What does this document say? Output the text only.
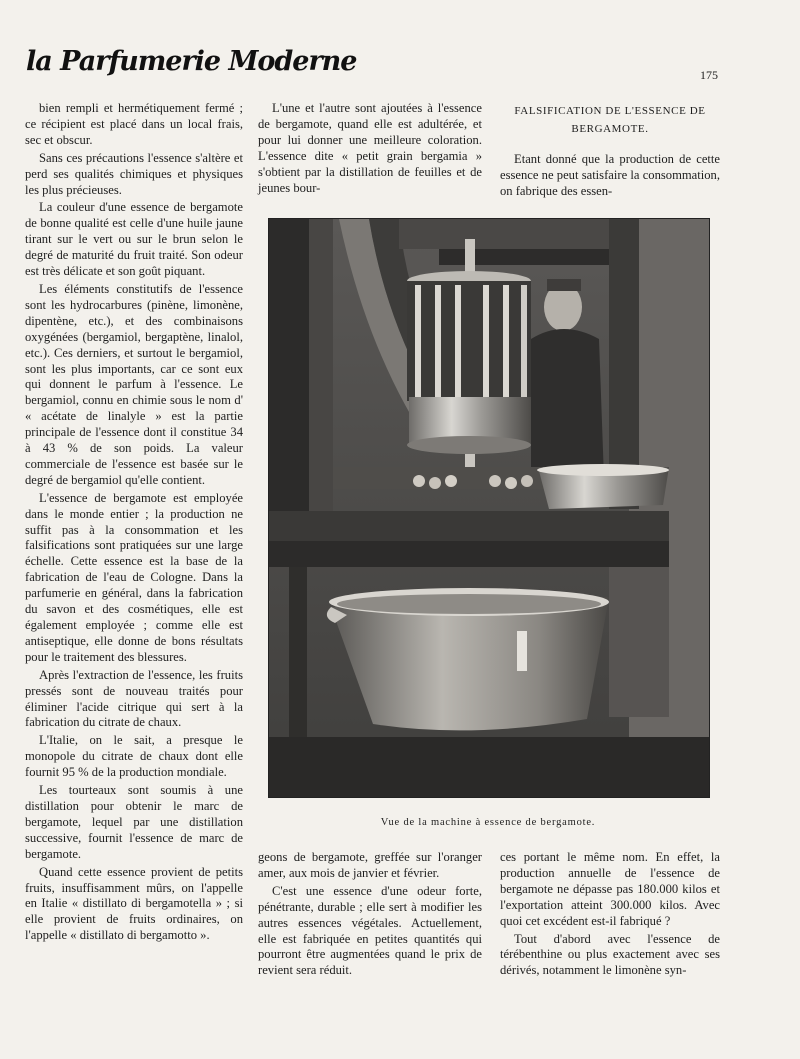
la Parfumerie Moderne	175

bien rempli et hermétiquement fermé ; ce récipient est placé dans un local frais, sec et obscur.

Sans ces précautions l'essence s'altère et perd ses qualités chimiques et physiques les plus précieuses.

La couleur d'une essence de bergamote de bonne qualité est celle d'une huile jaune tirant sur le vert ou sur le brun selon le degré de maturité du fruit traité. Son odeur est très délicate et son goût piquant.

Les éléments constitutifs de l'essence sont les hydrocarbures (pinène, limonène, dipentène, etc.), et des combinaisons oxygénées (bergamiol, bergaptène, linalol, etc.). Ces derniers, et surtout le bergamiol, sont les plus importants, car ce sont eux qui donnent le parfum à l'essence. Le bergamiol, connu en chimie sous le nom d' « acétate de linalyle » est la partie principale de l'essence dont il constitue 34 à 43 % de son poids. La valeur commerciale de l'essence est basée sur le degré de bergamiol qu'elle contient.

L'essence de bergamote est employée dans le monde entier ; la production ne suffit pas à la consommation et les falsifications sont pratiquées sur une large échelle. Cette essence est la base de la fabrication de l'eau de Cologne. Dans la parfumerie en général, dans la fabrication du savon et des cosmétiques, elle est également employée ; comme elle est antiseptique, elle donne de bons résultats pour le traitement des blessures.

Après l'extraction de l'essence, les fruits pressés sont de nouveau traités pour éliminer l'acide citrique qui sert à la fabrication du citrate de chaux.

L'Italie, on le sait, a presque le monopole du citrate de chaux dont elle fournit 95 % de la production mondiale.

Les tourteaux sont soumis à une distillation pour obtenir le marc de bergamote, lequel par une distillation successive, fournit l'essence de marc de bergamote.

Quand cette essence provient de petits fruits, insuffisamment mûrs, on l'appelle en Italie « distillato di bergamotella » ; si elle provient de fruits ordinaires, on l'appelle « distillato di bergamotto ».

L'une et l'autre sont ajoutées à l'essence de bergamote, quand elle est adultérée, et pour lui donner une meilleure coloration. L'essence dite « petit grain bergamia » s'obtient par la distillation de feuilles et de jeunes bour-

FALSIFICATION DE L'ESSENCE DE BERGAMOTE.

Etant donné que la production de cette essence ne peut satisfaire la consommation, on fabrique des essen-

Vue de la machine à essence de bergamote.

geons de bergamote, greffée sur l'oranger amer, aux mois de janvier et février.

C'est une essence d'une odeur forte, pénétrante, durable ; elle sert à modifier les autres essences végétales. Actuellement, elle est fabriquée en petites quantités qui pourront être augmentées quand le prix de revient sera réduit.

ces portant le même nom. En effet, la production annuelle de l'essence de bergamote ne dépasse pas 180.000 kilos et l'exportation atteint 300.000 kilos. Avec quoi cet excédent est-il fabriqué ?

Tout d'abord avec l'essence de térébenthine ou plus exactement avec ses dérivés, notamment le limonène syn-
